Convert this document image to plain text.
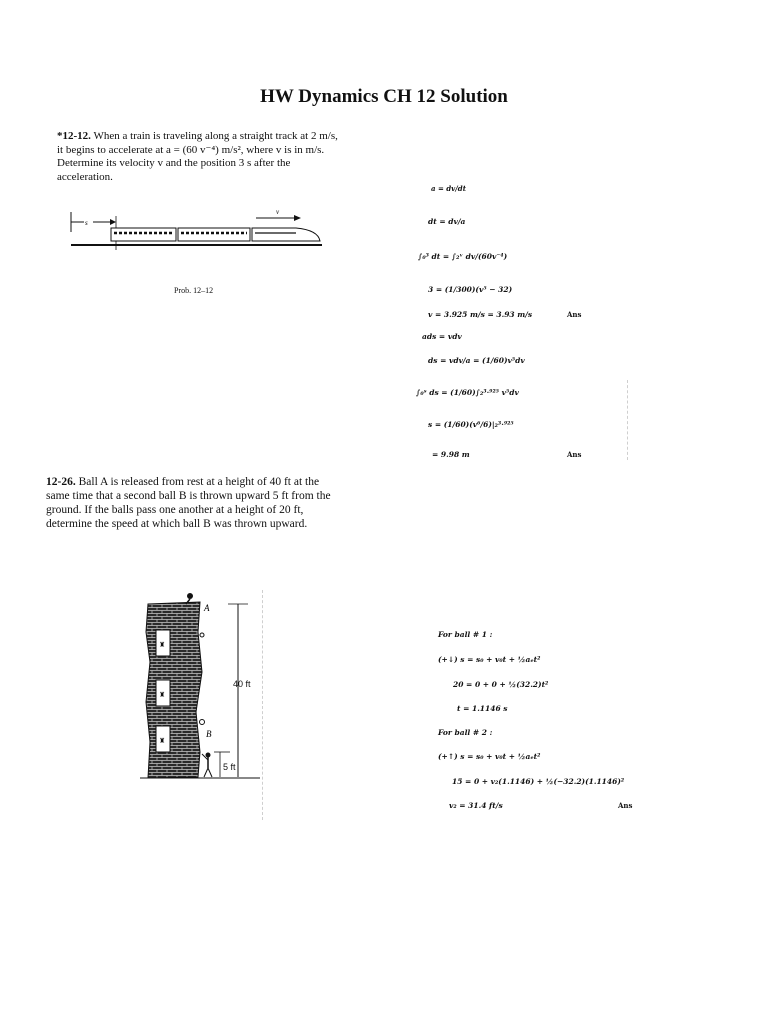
HW Dynamics CH 12 Solution
*12-12. When a train is traveling along a straight track at 2 m/s, it begins to accelerate at a = (60 v⁻⁴) m/s², where v is in m/s. Determine its velocity v and the position 3 s after the acceleration.
s
v
Prob. 12–12
a = dv/dt
dt = dv/a
∫₀³ dt = ∫₂ᵛ dv/(60v⁻⁴)
3 = (1/300)(v⁵ − 32)
v = 3.925 m/s = 3.93 m/s	Ans
ads = vdv
ds = vdv/a = (1/60)v⁵dv
∫₀ˢ ds = (1/60)∫₂³·⁹²⁵ v⁵dv
s = (1/60)(v⁶/6)|₂³·⁹²⁵
= 9.98 m	Ans
12-26. Ball A is released from rest at a height of 40 ft at the same time that a second ball B is thrown upward 5 ft from the ground. If the balls pass one another at a height of 20 ft, determine the speed at which ball B was thrown upward.
♜
♜
♜
A
B
40 ft
5 ft
For ball # 1 :
(+↓) s = s₀ + v₀t + ½aₑt²
20 = 0 + 0 + ½(32.2)t²
t = 1.1146 s
For ball # 2 :
(+↑) s = s₀ + v₀t + ½aₑt²
15 = 0 + v₂(1.1146) + ½(−32.2)(1.1146)²
v₂ = 31.4 ft/s	Ans
